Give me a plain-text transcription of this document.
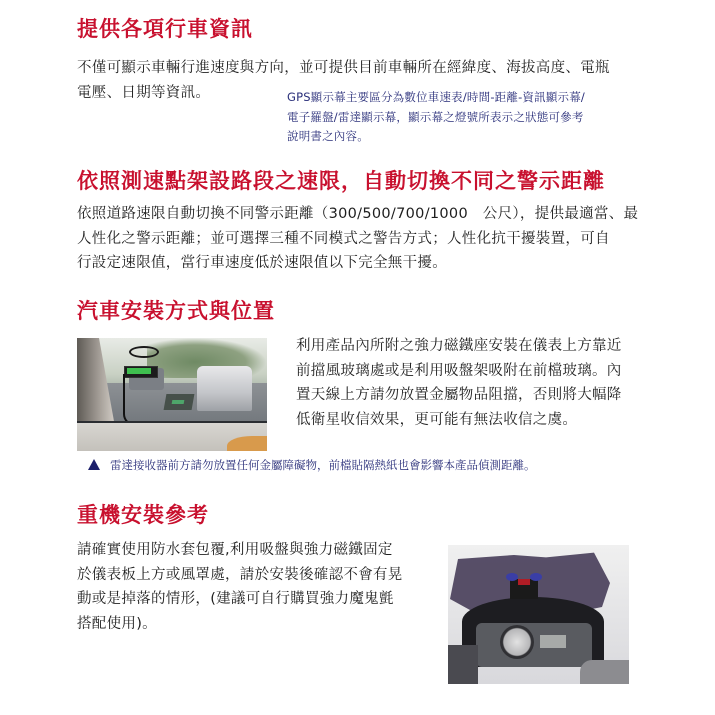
提供各項行車資訊
不僅可顯示車輛行進速度與方向，並可提供目前車輛所在經緯度、海拔高度、電瓶
電壓、日期等資訊。	GPS顯示幕主要區分為數位車速表/時間-距離-資訊顯示幕/
電子羅盤/雷達顯示幕，顯示幕之燈號所表示之狀態可參考
說明書之內容。
依照測速點架設路段之速限，自動切換不同之警示距離
依照道路速限自動切換不同警示距離（300/500/700/1000　公尺），提供最適當、最
人性化之警示距離；並可選擇三種不同模式之警告方式；人性化抗干擾裝置，可自
行設定速限值，當行車速度低於速限值以下完全無干擾。
汽車安裝方式與位置
利用產品內所附之強力磁鐵座安裝在儀表上方靠近
前擋風玻璃處或是利用吸盤架吸附在前檔玻璃。內
置天線上方請勿放置金屬物品阻擋，否則將大幅降
低衛星收信效果，更可能有無法收信之虞。
雷達接收器前方請勿放置任何金屬障礙物，前檔貼隔熱紙也會影響本產品偵測距離。
重機安裝參考
請確實使用防水套包覆,利用吸盤與強力磁鐵固定
於儀表板上方或風罩處，請於安裝後確認不會有晃
動或是掉落的情形，(建議可自行購買強力魔鬼氈
搭配使用)。
